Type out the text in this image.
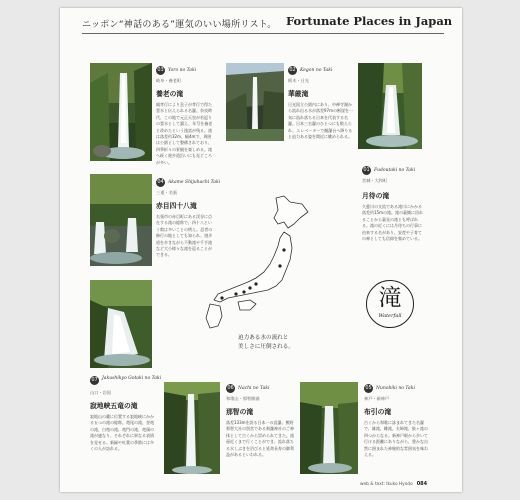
ニッポン“神話のある”運気のいい場所リスト。 Fortunate Places in Japan
03 Yoro no Taki
岐阜・養老町
養老の滝
親孝行により息子が孝行で得た霊水と伝えられる名瀑。奈良時代、この地で元正天皇が若返りの霊水として讃え、年号を養老と改めたという逸話が残る。滝は落差約32m、幅4mで、周囲は公園として整備されており、四季折々の景観を楽しめる。滝へ続く遊歩道沿いにも見どころが多い。
02 Kegon no Taki
栃木・日光
華厳滝
日光国立公園内にあり、中禅寺湖から流れ出る水が落差97mの断崖を一気に流れ落ちる日本を代表する名瀑。日本三名瀑のひとつにも数えられ、エレベーターで観瀑台へ降りると迫力ある姿を間近に眺められる。
04 Akame Shijuhachi Taki
三重・名張
赤目四十八滝
名張市の赤目町にある渓谷に点在する滝の総称で、四十八という数は多いことの例え。忍者の修行の地としても知られ、遊歩道を歩きながら不動滝や千手滝など大小様々な滝を巡ることができる。
01 Fudoutaki no Taki
宮城・大和町
月待の滝
久慈川の支流である滝川にかかる落差約15mの滝。滝の裏側に回れることから裏見の滝とも呼ばれる。滝の近くには月待ちの行事に由来する名があり、安産や子育ての神としても信仰を集めている。
滝
Waterfall
07 Jakushikyo Gotaki no Taki
山口・岩国
寂地峡五竜の滝
寂地山の麓に位置する寂地峡にかかる五つの滝の総称。竜尾の滝、登竜の滝、白竜の滝、竜門の滝、竜頭の滝が連なり、それぞれに異なる表情を見せる。新緑や紅葉の季節には多くの人が訪れる。
迫力ある水の流れと
美しさに圧倒される。
06 Nachi no Taki
和歌山・那智勝浦
那智の滝
落差133mを誇る日本一の直瀑。熊野那智大社の別宮である飛瀧神社のご神体として古くから崇められてきた。滝壺近くまで行くことができ、流れ落ちる水しぶきを浴びると延命長寿の御利益があるといわれる。
05 Nunobiki no Taki
神戸・新神戸
布引の滝
古くから和歌に詠まれてきた名瀑で、雄滝、雌滝、夫婦滝、鼓ヶ滝の四つからなる。新神戸駅から歩いて行ける距離にありながら、豊かな自然に囲まれた神秘的な雰囲気を味わえる。
web & text: Ikuko Hyodo 084
